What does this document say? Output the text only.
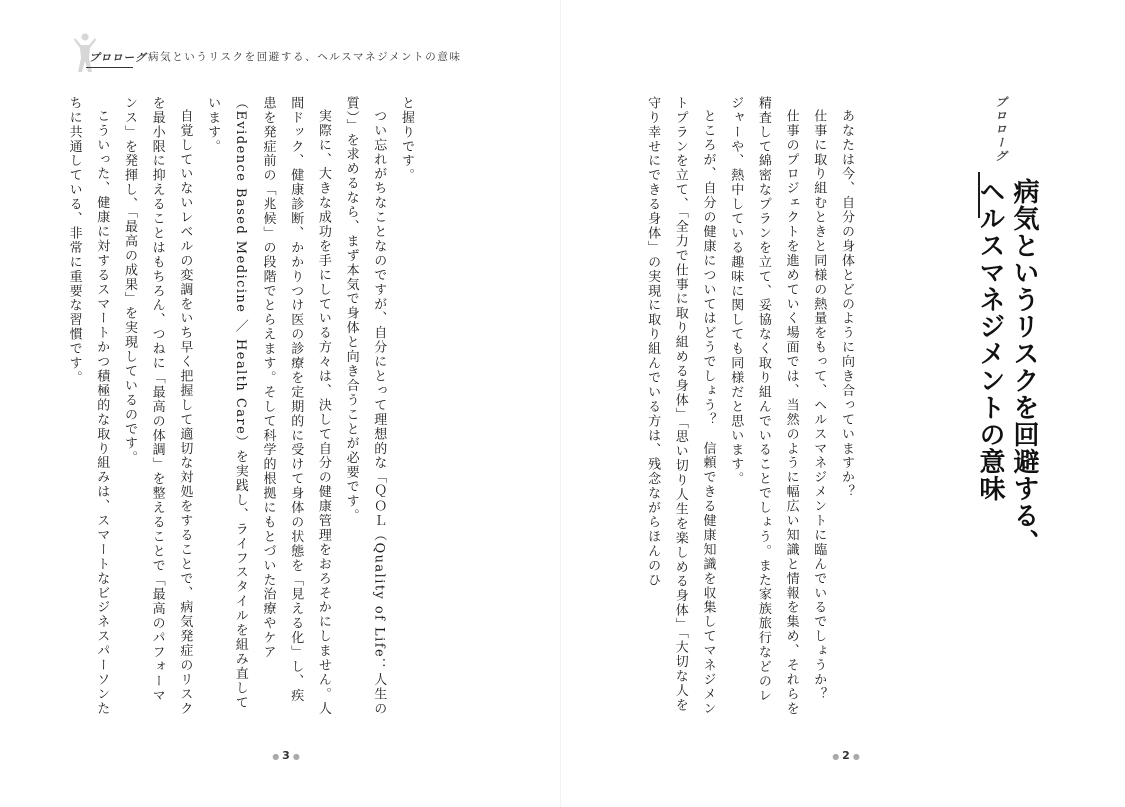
プロローグ 病気というリスクを回避する、ヘルスマネジメントの意味

と握りです。

つい忘れがちなことなのですが、自分にとって理想的な「ＱＯＬ（Quality of Life：人生の質）」を求めるなら、まず本気で身体と向き合うことが必要です。

実際に、大きな成功を手にしている方々は、決して自分の健康管理をおろそかにしません。人間ドック、健康診断、かかりつけ医の診療を定期的に受けて身体の状態を「見える化」し、疾患を発症前の「兆候」の段階でとらえます。そして科学的根拠にもとづいた治療やケア（Evidence Based Medicine ／ Health Care）を実践し、ライフスタイルを組み直しています。

自覚していないレベルの変調をいち早く把握して適切な対処をすることで、病気発症のリスクを最小限に抑えることはもちろん、つねに「最高の体調」を整えることで「最高のパフォーマンス」を発揮し、「最高の成果」を実現しているのです。

こういった、健康に対するスマートかつ積極的な取り組みは、スマートなビジネスパーソンたちに共通している、非常に重要な習慣です。

● 3 ●
プロローグ
病気というリスクを回避する、
ヘルスマネジメントの意味

あなたは今、自分の身体とどのように向き合っていますか？

仕事に取り組むときと同様の熱量をもって、ヘルスマネジメントに臨んでいるでしょうか？

仕事のプロジェクトを進めていく場面では、当然のように幅広い知識と情報を集め、それらを精査して綿密なプランを立て、妥協なく取り組んでいることでしょう。また家族旅行などのレジャーや、熱中している趣味に関しても同様だと思います。

ところが、自分の健康についてはどうでしょう？　信頼できる健康知識を収集してマネジメントプランを立て、「全力で仕事に取り組める身体」「思い切り人生を楽しめる身体」「大切な人を守り幸せにできる身体」の実現に取り組んでいる方は、残念ながらほんのひ

● 2 ●
